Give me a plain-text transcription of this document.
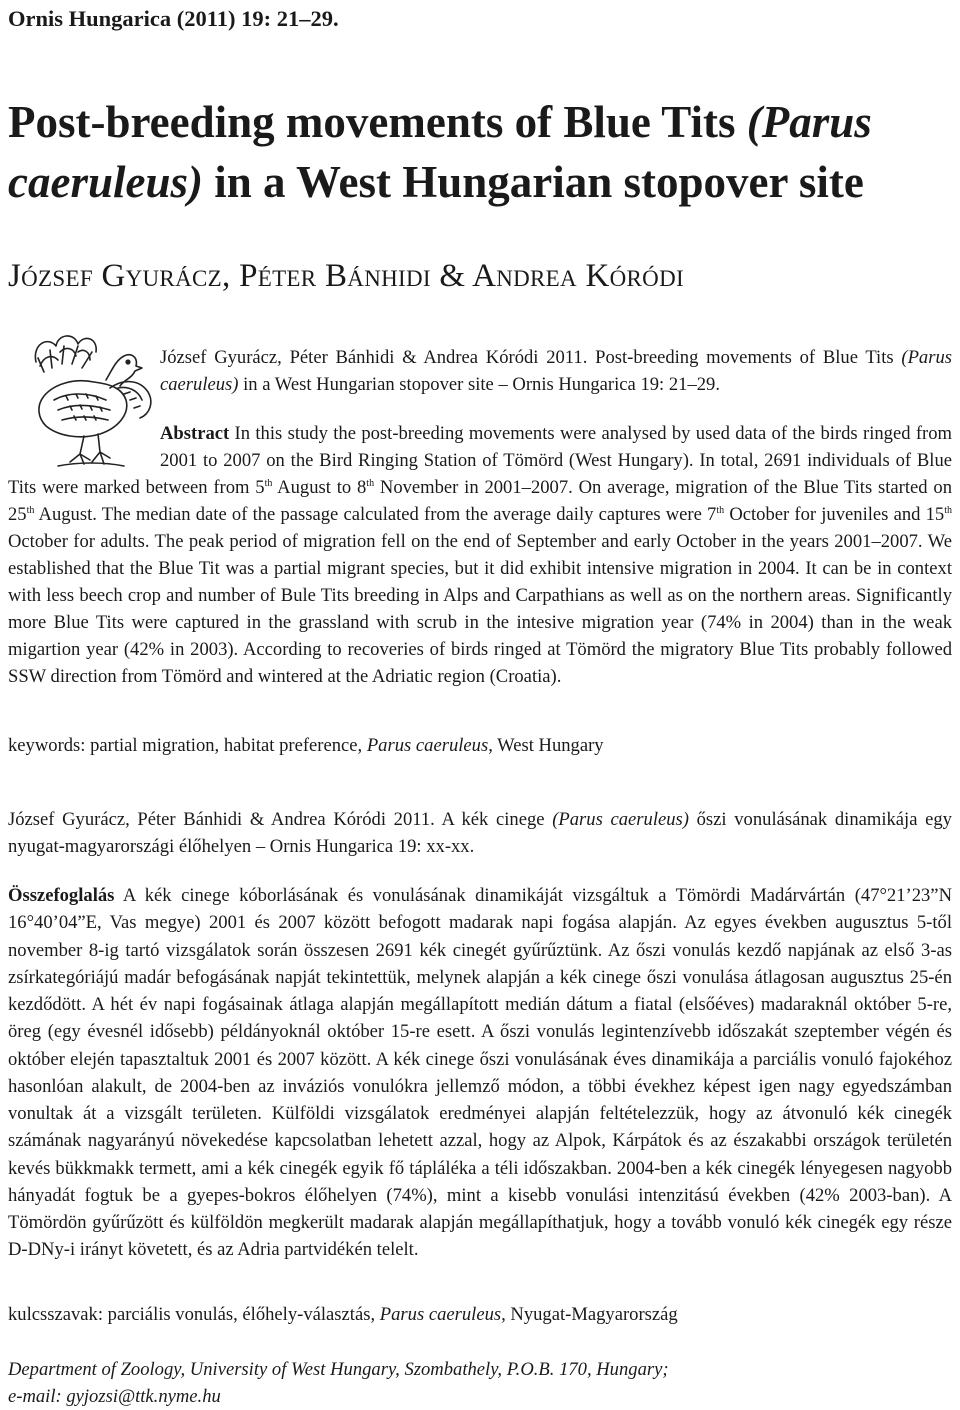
Ornis Hungarica (2011) 19: 21–29.
Post-breeding movements of Blue Tits (Parus caeruleus) in a West Hungarian stopover site
József Gyurácz, Péter Bánhidi & Andrea Kóródi
József Gyurácz, Péter Bánhidi & Andrea Kóródi 2011. Post-breeding movements of Blue Tits (Parus caeruleus) in a West Hungarian stopover site – Ornis Hungarica 19: 21–29.
Abstract In this study the post-breeding movements were analysed by used data of the birds ringed from 2001 to 2007 on the Bird Ringing Station of Tömörd (West Hungary). In total, 2691 individuals of Blue Tits were marked between from 5th August to 8th November in 2001–2007. On average, migration of the Blue Tits started on 25th August. The median date of the passage calculated from the average daily captures were 7th October for juveniles and 15th October for adults. The peak period of migration fell on the end of September and early October in the years 2001–2007. We established that the Blue Tit was a partial migrant species, but it did exhibit intensive migration in 2004. It can be in context with less beech crop and number of Bule Tits breeding in Alps and Carpathians as well as on the northern areas. Significantly more Blue Tits were captured in the grassland with scrub in the intesive migration year (74% in 2004) than in the weak migartion year (42% in 2003). According to recoveries of birds ringed at Tömörd the migratory Blue Tits probably followed SSW direction from Tömörd and wintered at the Adriatic region (Croatia).
keywords: partial migration, habitat preference, Parus caeruleus, West Hungary
József Gyurácz, Péter Bánhidi & Andrea Kóródi 2011. A kék cinege (Parus caeruleus) őszi vonulásának dinamikája egy nyugat-magyarországi élőhelyen – Ornis Hungarica 19: xx-xx.
Összefoglalás A kék cinege kóborlásának és vonulásának dinamikáját vizsgáltuk a Tömördi Madárvártán (47°21’23”N 16°40’04”E, Vas megye) 2001 és 2007 között befogott madarak napi fogása alapján. Az egyes években augusztus 5-től november 8-ig tartó vizsgálatok során összesen 2691 kék cinegét gyűrűztünk. Az őszi vonulás kezdő napjának az első 3-as zsírkategóriájú madár befogásának napját tekintettük, melynek alapján a kék cinege őszi vonulása átlagosan augusztus 25-én kezdődött. A hét év napi fogásainak átlaga alapján megállapított medián dátum a fiatal (elsőéves) madaraknál október 5-re, öreg (egy évesnél idősebb) példányoknál október 15-re esett. A őszi vonulás legintenzívebb időszakát szeptember végén és október elején tapasztaltuk 2001 és 2007 között. A kék cinege őszi vonulásának éves dinamikája a parciális vonuló fajokéhoz hasonlóan alakult, de 2004-ben az inváziós vonulókra jellemző módon, a többi évekhez képest igen nagy egyedszámban vonultak át a vizsgált területen. Külföldi vizsgálatok eredményei alapján feltételezzük, hogy az átvonuló kék cinegék számának nagyarányú növekedése kapcsolatban lehetett azzal, hogy az Alpok, Kárpátok és az északabbi országok területén kevés bükkmakk termett, ami a kék cinegék egyik fő tápláléka a téli időszakban. 2004-ben a kék cinegék lényegesen nagyobb hányadát fogtuk be a gyepes-bokros élőhelyen (74%), mint a kisebb vonulási intenzitású években (42% 2003-ban). A Tömördön gyűrűzött és külföldön megkerült madarak alapján megállapíthatjuk, hogy a tovább vonuló kék cinegék egy része D-DNy-i irányt követett, és az Adria partvidékén telelt.
kulcsszavak: parciális vonulás, élőhely-választás, Parus caeruleus, Nyugat-Magyarország
Department of Zoology, University of West Hungary, Szombathely, P.O.B. 170, Hungary;
e-mail: gyjozsi@ttk.nyme.hu
